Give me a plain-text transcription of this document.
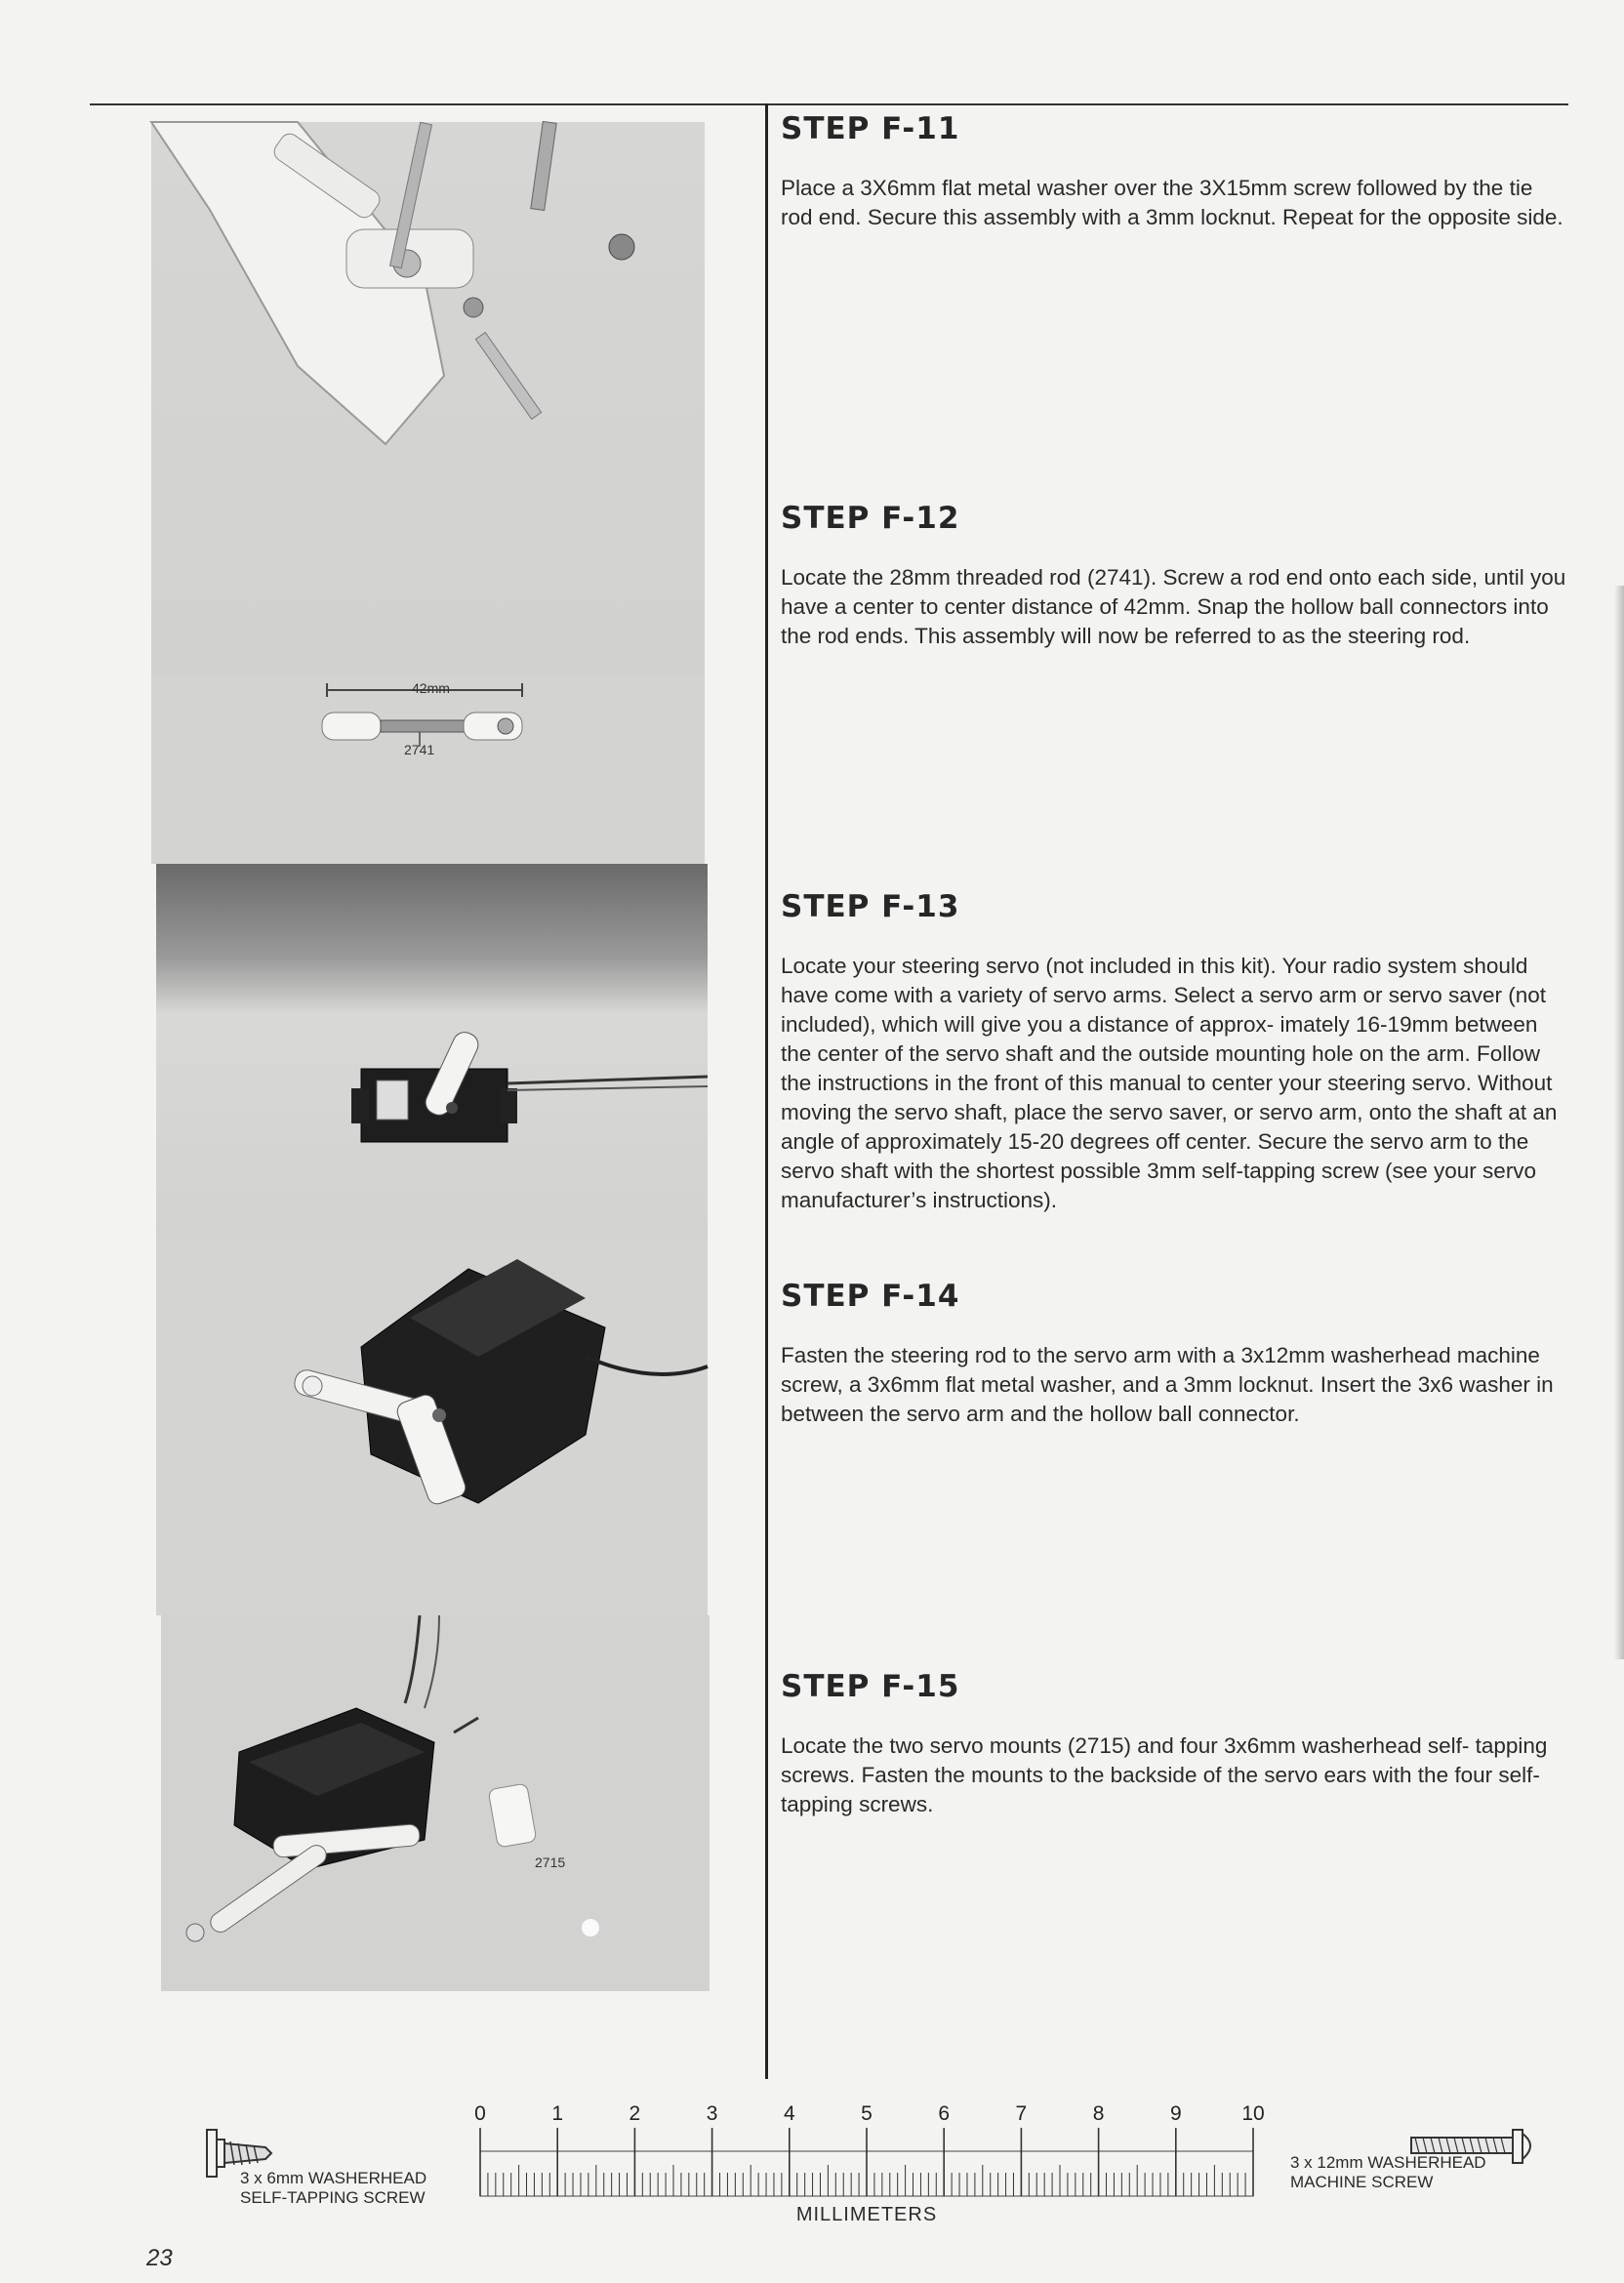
42mm
2741
2715
STEP F-11
Place a 3X6mm flat metal washer over the 3X15mm screw followed by the tie rod end. Secure this assembly with a 3mm locknut. Repeat for the opposite side.
STEP F-12
Locate the 28mm threaded rod (2741). Screw a rod end onto each side, until you have a center to center distance of 42mm. Snap the hollow ball connectors into the rod ends. This assembly will now be referred to as the steering rod.
STEP F-13
Locate your steering servo (not included in this kit). Your radio system should have come with a variety of servo arms. Select a servo arm or servo saver (not included), which will give you a distance of approx- imately 16-19mm between the center of the servo shaft and the outside mounting hole on the arm. Follow the instructions in the front of this manual to center your steering servo. Without moving the servo shaft, place the servo saver, or servo arm, onto the shaft at an angle of approximately 15-20 degrees off center. Secure the servo arm to the servo shaft with the shortest possible 3mm self-tapping screw (see your servo manufacturer’s instructions).
STEP F-14
Fasten the steering rod to the servo arm with a 3x12mm washerhead machine screw, a 3x6mm flat metal washer, and a 3mm locknut. Insert the 3x6 washer in between the servo arm and the hollow ball connector.
STEP F-15
Locate the two servo mounts (2715) and four 3x6mm washerhead self- tapping screws. Fasten the mounts to the backside of the servo ears with the four self-tapping screws.
3 x 6mm WASHERHEAD
SELF-TAPPING SCREW
0	1	2	3	4	5	6	7	8	9	10
MILLIMETERS
3 x 12mm WASHERHEAD
MACHINE SCREW
23
